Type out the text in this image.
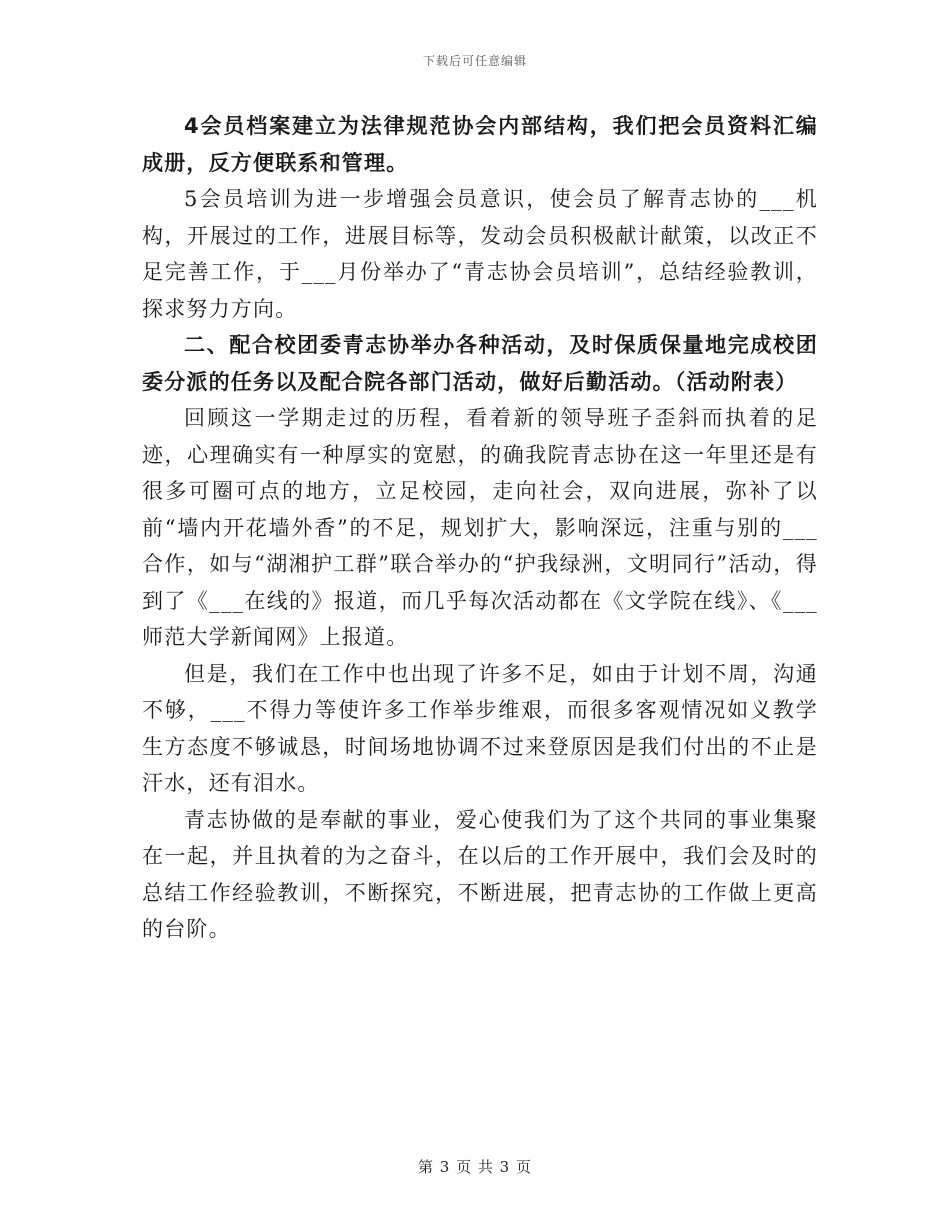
下载后可任意编辑

4会员档案建立为法律规范协会内部结构，我们把会员资料汇编成册，反方便联系和管理。

5会员培训为进一步增强会员意识，使会员了解青志协的___机构，开展过的工作，进展目标等，发动会员积极献计献策，以改正不足完善工作，于___月份举办了“青志协会员培训”，总结经验教训，探求努力方向。

二、配合校团委青志协举办各种活动，及时保质保量地完成校团委分派的任务以及配合院各部门活动，做好后勤活动。（活动附表）

回顾这一学期走过的历程，看着新的领导班子歪斜而执着的足迹，心理确实有一种厚实的宽慰，的确我院青志协在这一年里还是有很多可圈可点的地方，立足校园，走向社会，双向进展，弥补了以前“墙内开花墙外香”的不足，规划扩大，影响深远，注重与别的___合作，如与“湖湘护工群”联合举办的“护我绿洲，文明同行”活动，得到了《___在线的》报道，而几乎每次活动都在《文学院在线》、《___师范大学新闻网》上报道。

但是，我们在工作中也出现了许多不足，如由于计划不周，沟通不够，___不得力等使许多工作举步维艰，而很多客观情况如义教学生方态度不够诚恳，时间场地协调不过来登原因是我们付出的不止是汗水，还有泪水。

青志协做的是奉献的事业，爱心使我们为了这个共同的事业集聚在一起，并且执着的为之奋斗，在以后的工作开展中，我们会及时的总结工作经验教训，不断探究，不断进展，把青志协的工作做上更高的台阶。

第 3 页 共 3 页
